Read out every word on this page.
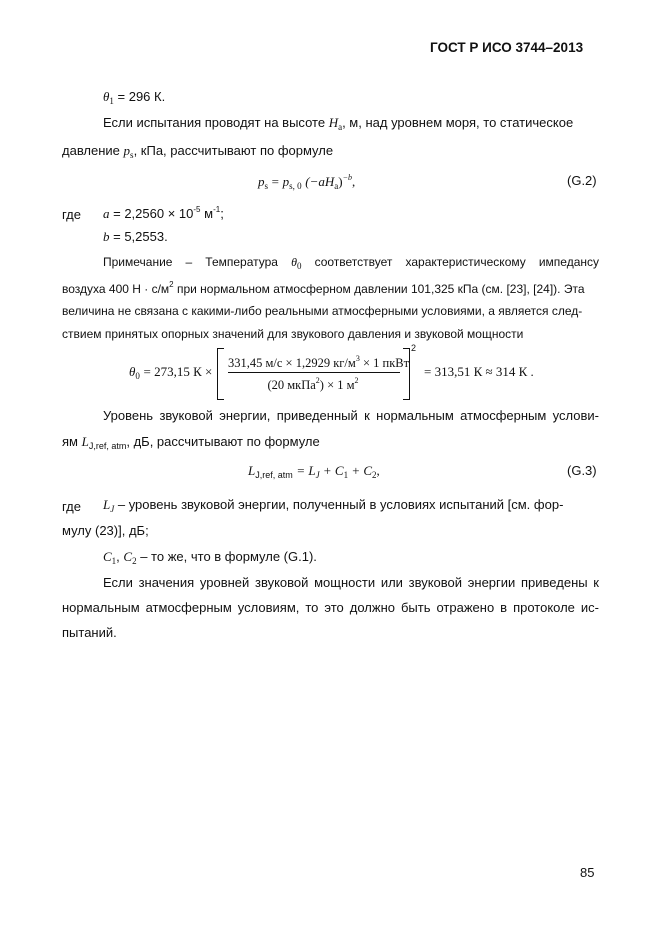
ГОСТ Р ИСО 3744–2013
$\theta_1 = 296$ К.
Если испытания проводят на высоте $H_a$, м, над уровнем моря, то статическое
давление $p_s$, кПа, рассчитывают по формуле
$p_s = p_{s, 0}$ $(-aH_a)^{-b}$,	(G.2)
где $a = 2,2560 \times 10^{-5}$ $м^{-1}$;
b = 5,2553.
Примечание – Температура $\theta_0$ соответствует характеристическому импедансу
воздуха 400 $Н \cdot с/м^2$ при нормальном атмосферном давлении 101,325 кПа (см. [23], [24]). Эта
величина не связана с какими-либо реальными атмосферными условиями, а является след-
ствием принятых опорных значений для звукового давления и звуковой мощности
$\theta_0 = 273,15$ К ×
2
331,45 м/с × 1,2929 $кг/м^3 \times 1$ пкВт
(20 мкПа$^2$) × 1 $м^2$
= 313,51 К ≈ 314 К .
Уровень звуковой энергии, приведенный к нормальным атмосферным услови-
ям $L_{J,ref, atm}$, дБ, рассчитывают по формуле
$L_{J,ref, atm} = L_J + C_1 + C_2$,	(G.3)
где $L_J$ – уровень звуковой энергии, полученный в условиях испытаний [см. фор-
мулу (23)], дБ;
$C_1$, $C_2$ – то же, что в формуле (G.1).
Если значения уровней звуковой мощности или звуковой энергии приведены к
нормальным атмосферным условиям, то это должно быть отражено в протоколе ис-
пытаний.
85
